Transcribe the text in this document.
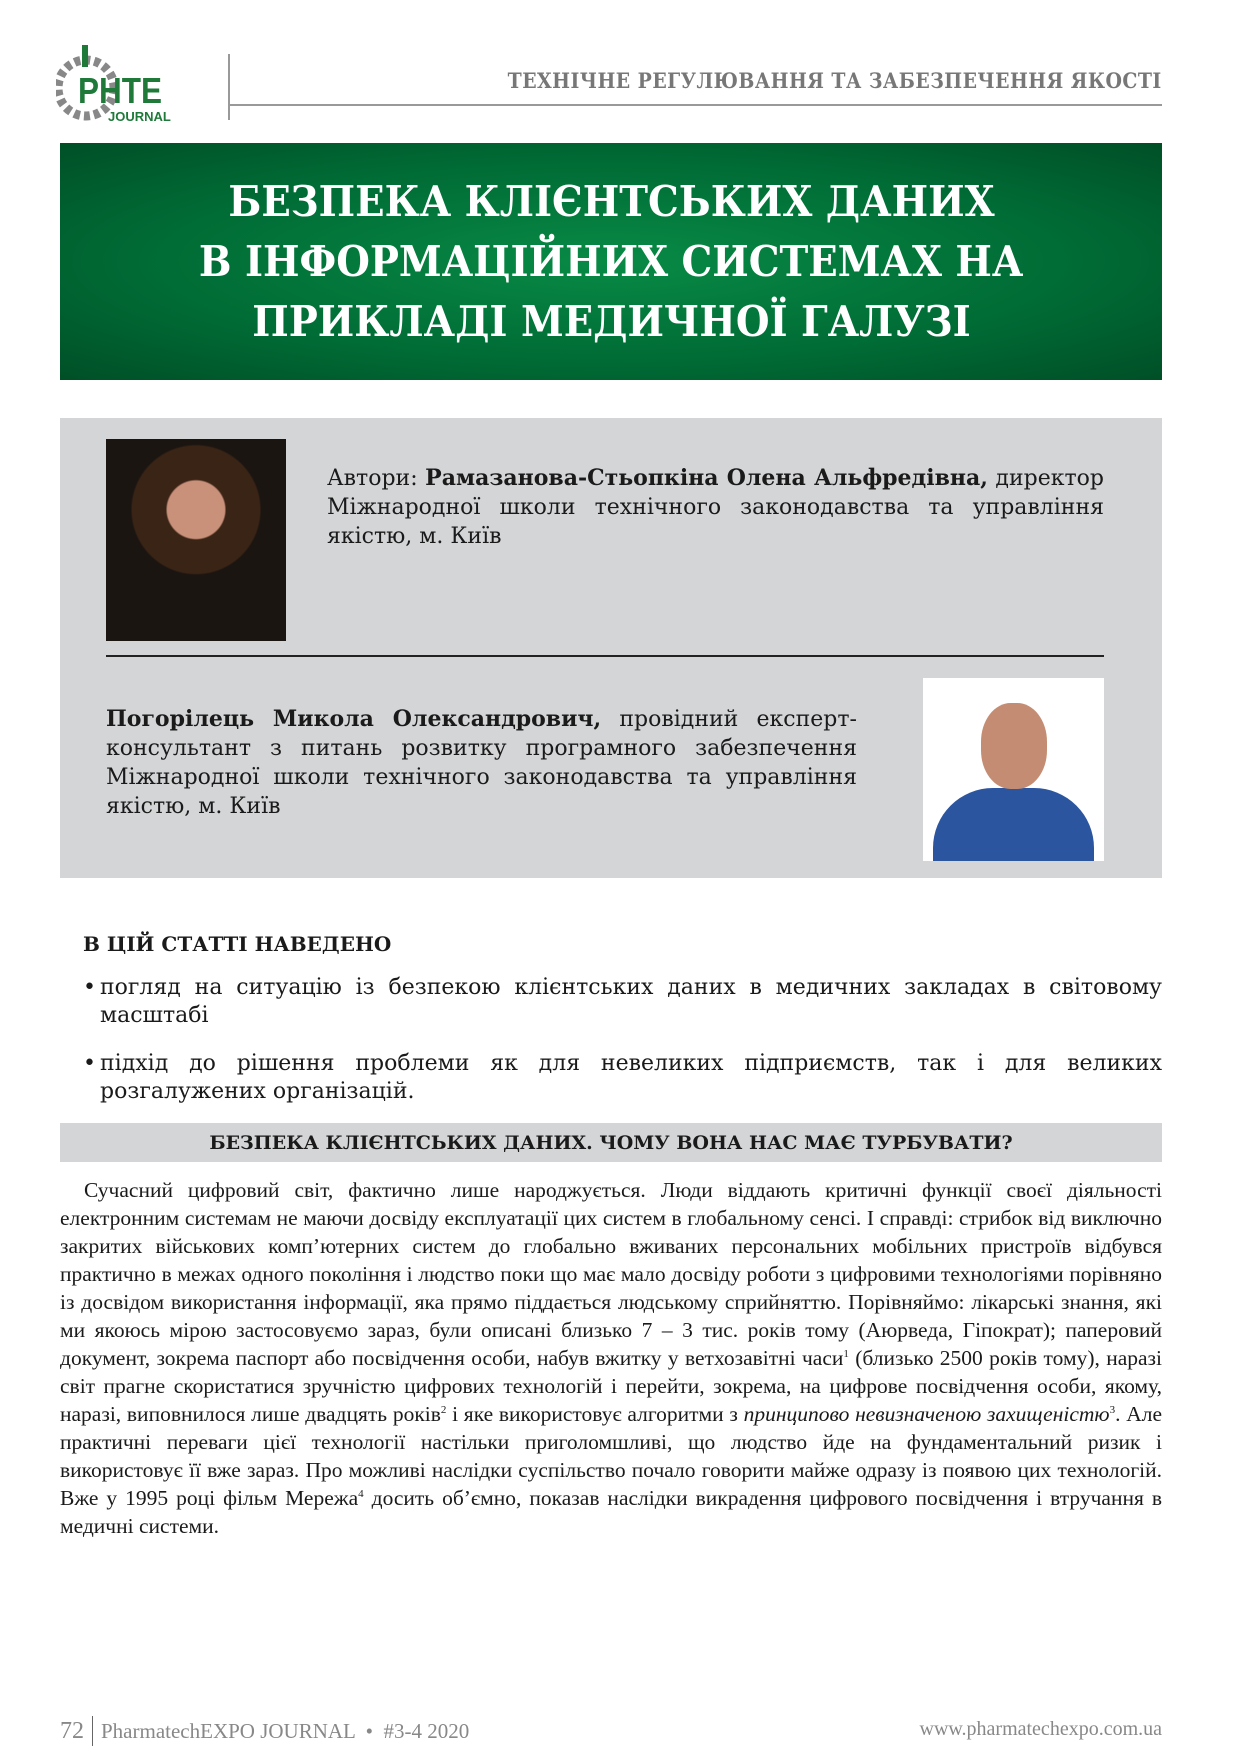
PHTE
JOURNAL
ТЕХНІЧНЕ РЕГУЛЮВАННЯ ТА ЗАБЕЗПЕЧЕННЯ ЯКОСТІ
БЕЗПЕКА КЛІЄНТСЬКИХ ДАНИХ
В ІНФОРМАЦІЙНИХ СИСТЕМАХ НА
ПРИКЛАДІ МЕДИЧНОЇ ГАЛУЗІ
Автори: Рамазанова-Стьопкіна Олена Альфредівна, директор Міжнародної школи технічного законодавства та управління якістю, м. Київ
Погорілець Микола Олександрович, провідний експерт-консультант з питань розвитку програмного забезпечення Міжнародної школи технічного законодавства та управління якістю, м. Київ
В ЦІЙ СТАТТІ НАВЕДЕНО
• погляд на ситуацію із безпекою клієнтських даних в медичних закладах в світовому масштабі
• підхід до рішення проблеми як для невеликих підприємств, так і для великих розгалужених організацій.
БЕЗПЕКА КЛІЄНТСЬКИХ ДАНИХ. ЧОМУ ВОНА НАС МАЄ ТУРБУВАТИ?
Сучасний цифровий світ, фактично лише народжується. Люди віддають критичні функції своєї діяльності електронним системам не маючи досвіду експлуатації цих систем в глобальному сенсі. І справді: стрибок від виключно закритих військових комп’ютерних систем до глобально вживаних персональних мобільних пристроїв відбувся практично в межах одного покоління і людство поки що має мало досвіду роботи з цифровими технологіями порівняно із досвідом використання інформації, яка прямо піддається людському сприйняттю. Порівняймо: лікарські знання, які ми якоюсь мірою застосовуємо зараз, були описані близько 7 – 3 тис. років тому (Аюрведа, Гіпократ); паперовий документ, зокрема паспорт або посвідчення особи, набув вжитку у ветхозавітні часи$^1$ (близько 2500 років тому), наразі світ прагне скористатися зручністю цифрових технологій і перейти, зокрема, на цифрове посвідчення особи, якому, наразі, виповнилося лише двадцять років$^2$ і яке використовує алгоритми з принципово невизначеною захищеністю$^3$. Але практичні переваги цієї технології настільки приголомшливі, що людство йде на фундаментальний ризик і використовує її вже зараз. Про можливі наслідки суспільство почало говорити майже одразу із появою цих технологій. Вже у 1995 році фільм Мережа$^4$ досить об’ємно, показав наслідки викрадення цифрового посвідчення і втручання в медичні системи.
72 PharmatechEXPO JOURNAL  •  #3-4 2020	www.pharmatechexpo.com.ua
